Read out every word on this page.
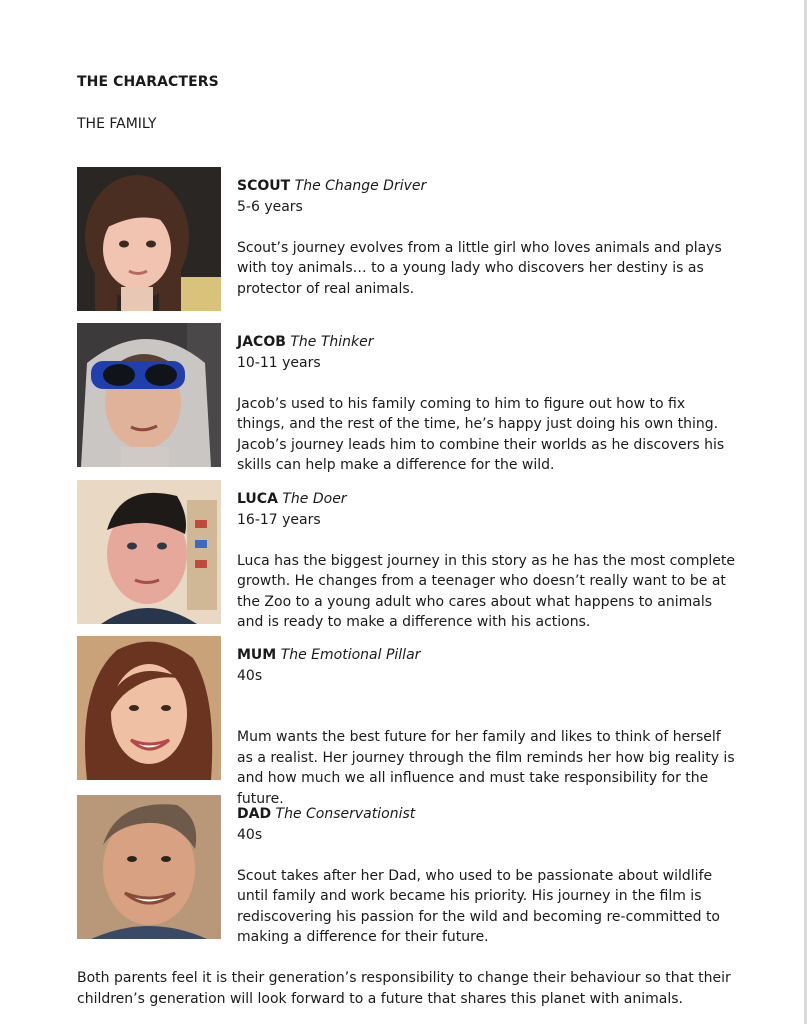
THE CHARACTERS
THE FAMILY

SCOUT The Change Driver

5-6 years

Scout’s journey evolves from a little girl who loves animals and plays with toy animals… to a young lady who discovers her destiny is as protector of real animals.

JACOB The Thinker

10-11 years

Jacob’s used to his family coming to him to figure out how to fix things, and the rest of the time, he’s happy just doing his own thing. Jacob’s journey leads him to combine their worlds as he discovers his skills can help make a difference for the wild.

LUCA The Doer

16-17 years

Luca has the biggest journey in this story as he has the most complete growth. He changes from a teenager who doesn’t really want to be at the Zoo to a young adult who cares about what happens to animals and is ready to make a difference with his actions.

MUM The Emotional Pillar

40s

Mum wants the best future for her family and likes to think of herself as a realist. Her journey through the film reminds her how big reality is and how much we all influence and must take responsibility for the future.

DAD The Conservationist

40s

Scout takes after her Dad, who used to be passionate about wildlife until family and work became his priority. His journey in the film is rediscovering his passion for the wild and becoming re-committed to making a difference for their future.

Both parents feel it is their generation’s responsibility to change their behaviour so that their children’s generation will look forward to a future that shares this planet with animals.
